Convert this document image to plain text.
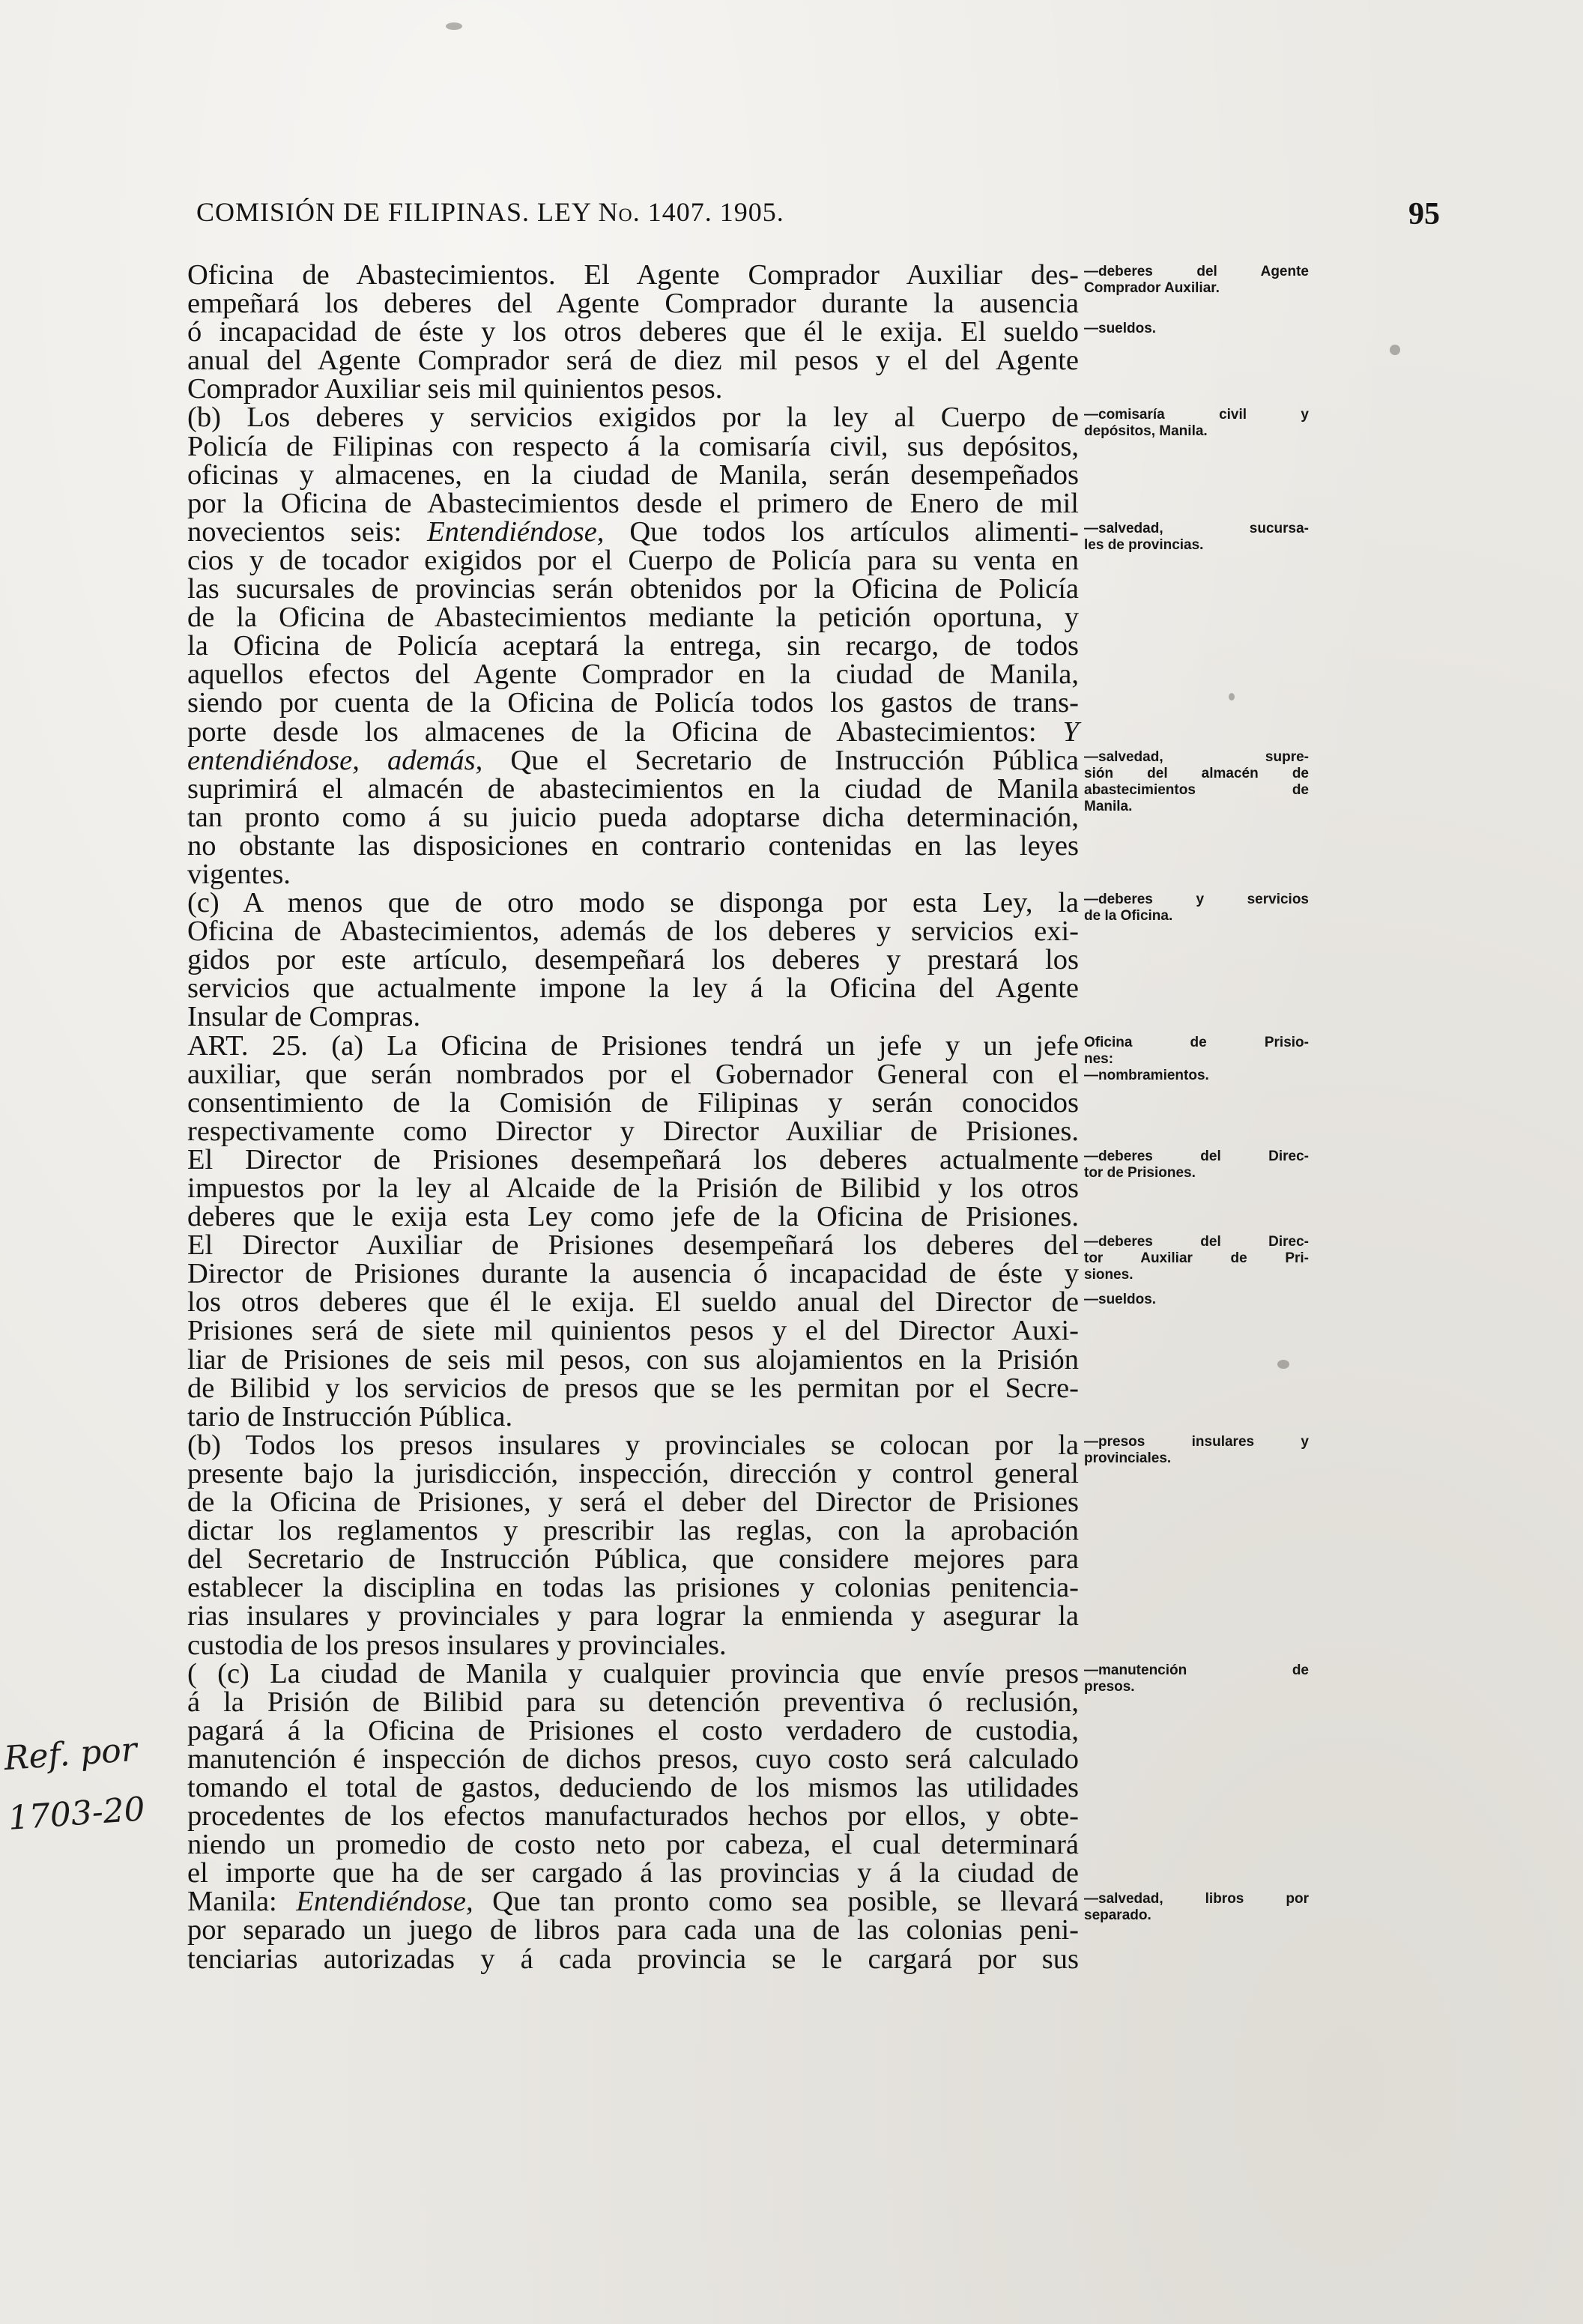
COMISIÓN DE FILIPINAS. LEY No. 1407. 1905.	95
Oficina de Abastecimientos. El Agente Comprador Auxiliar des-
empeñará los deberes del Agente Comprador durante la ausencia
ó incapacidad de éste y los otros deberes que él le exija. El sueldo
anual del Agente Comprador será de diez mil pesos y el del Agente
Comprador Auxiliar seis mil quinientos pesos.
(b) Los deberes y servicios exigidos por la ley al Cuerpo de
Policía de Filipinas con respecto á la comisaría civil, sus depósitos,
oficinas y almacenes, en la ciudad de Manila, serán desempeñados
por la Oficina de Abastecimientos desde el primero de Enero de mil
novecientos seis: Entendiéndose, Que todos los artículos alimenti-
cios y de tocador exigidos por el Cuerpo de Policía para su venta en
las sucursales de provincias serán obtenidos por la Oficina de Policía
de la Oficina de Abastecimientos mediante la petición oportuna, y
la Oficina de Policía aceptará la entrega, sin recargo, de todos
aquellos efectos del Agente Comprador en la ciudad de Manila,
siendo por cuenta de la Oficina de Policía todos los gastos de trans-
porte desde los almacenes de la Oficina de Abastecimientos: Y
entendiéndose, además, Que el Secretario de Instrucción Pública
suprimirá el almacén de abastecimientos en la ciudad de Manila
tan pronto como á su juicio pueda adoptarse dicha determinación,
no obstante las disposiciones en contrario contenidas en las leyes
vigentes.
(c) A menos que de otro modo se disponga por esta Ley, la
Oficina de Abastecimientos, además de los deberes y servicios exi-
gidos por este artículo, desempeñará los deberes y prestará los
servicios que actualmente impone la ley á la Oficina del Agente
Insular de Compras.
ART. 25. (a) La Oficina de Prisiones tendrá un jefe y un jefe
auxiliar, que serán nombrados por el Gobernador General con el
consentimiento de la Comisión de Filipinas y serán conocidos
respectivamente como Director y Director Auxiliar de Prisiones.
El Director de Prisiones desempeñará los deberes actualmente
impuestos por la ley al Alcaide de la Prisión de Bilibid y los otros
deberes que le exija esta Ley como jefe de la Oficina de Prisiones.
El Director Auxiliar de Prisiones desempeñará los deberes del
Director de Prisiones durante la ausencia ó incapacidad de éste y
los otros deberes que él le exija. El sueldo anual del Director de
Prisiones será de siete mil quinientos pesos y el del Director Auxi-
liar de Prisiones de seis mil pesos, con sus alojamientos en la Prisión
de Bilibid y los servicios de presos que se les permitan por el Secre-
tario de Instrucción Pública.
(b) Todos los presos insulares y provinciales se colocan por la
presente bajo la jurisdicción, inspección, dirección y control general
de la Oficina de Prisiones, y será el deber del Director de Prisiones
dictar los reglamentos y prescribir las reglas, con la aprobación
del Secretario de Instrucción Pública, que considere mejores para
establecer la disciplina en todas las prisiones y colonias penitencia-
rias insulares y provinciales y para lograr la enmienda y asegurar la
custodia de los presos insulares y provinciales.
( (c) La ciudad de Manila y cualquier provincia que envíe presos
á la Prisión de Bilibid para su detención preventiva ó reclusión,
pagará á la Oficina de Prisiones el costo verdadero de custodia,
manutención é inspección de dichos presos, cuyo costo será calculado
tomando el total de gastos, deduciendo de los mismos las utilidades
procedentes de los efectos manufacturados hechos por ellos, y obte-
niendo un promedio de costo neto por cabeza, el cual determinará
el importe que ha de ser cargado á las provincias y á la ciudad de
Manila: Entendiéndose, Que tan pronto como sea posible, se llevará
por separado un juego de libros para cada una de las colonias peni-
tenciarias autorizadas y á cada provincia se le cargará por sus
—deberes del Agente
Comprador Auxiliar.
—sueldos.
—comisaría civil y
depósitos, Manila.
—salvedad, sucursa-
les de provincias.
—salvedad, supre-
sión del almacén de
abastecimientos de
Manila.
—deberes y servicios
de la Oficina.
Oficina de Prisio-
nes:
—nombramientos.
—deberes del Direc-
tor de Prisiones.
—deberes del Direc-
tor Auxiliar de Pri-
siones.
—sueldos.
—presos insulares y
provinciales.
—manutención de
presos.
—salvedad, libros por
separado.
Ref. por
1703-20
